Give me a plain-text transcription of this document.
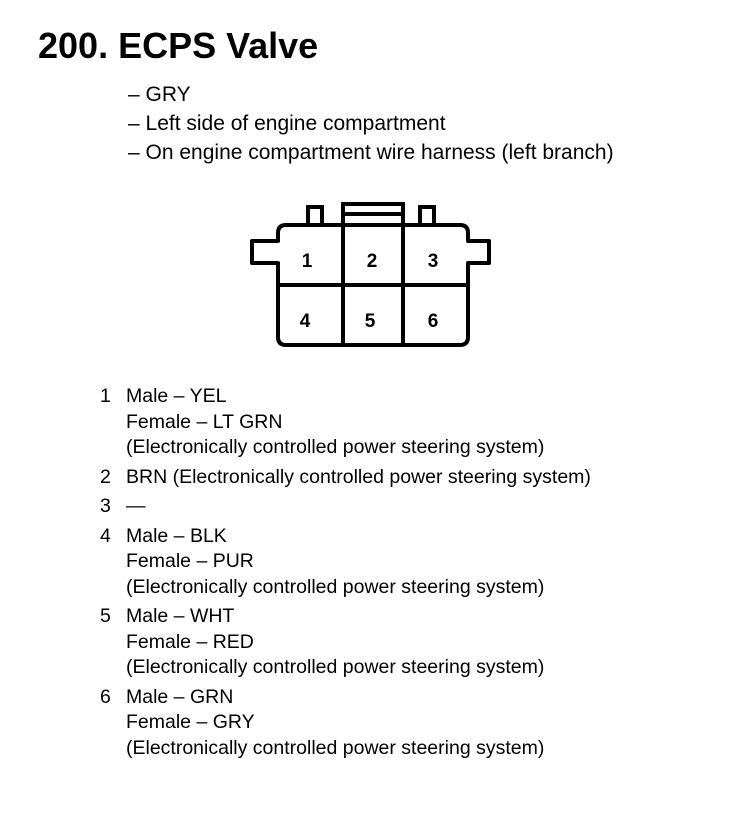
200. ECPS Valve
– GRY
– Left side of engine compartment
– On engine compartment wire harness (left branch)
1	2	3
4	5	6
1 Male – YEL
Female – LT GRN
(Electronically controlled power steering system)
2 BRN (Electronically controlled power steering system)
3 —
4 Male – BLK
Female – PUR
(Electronically controlled power steering system)
5 Male – WHT
Female – RED
(Electronically controlled power steering system)
6 Male – GRN
Female – GRY
(Electronically controlled power steering system)
